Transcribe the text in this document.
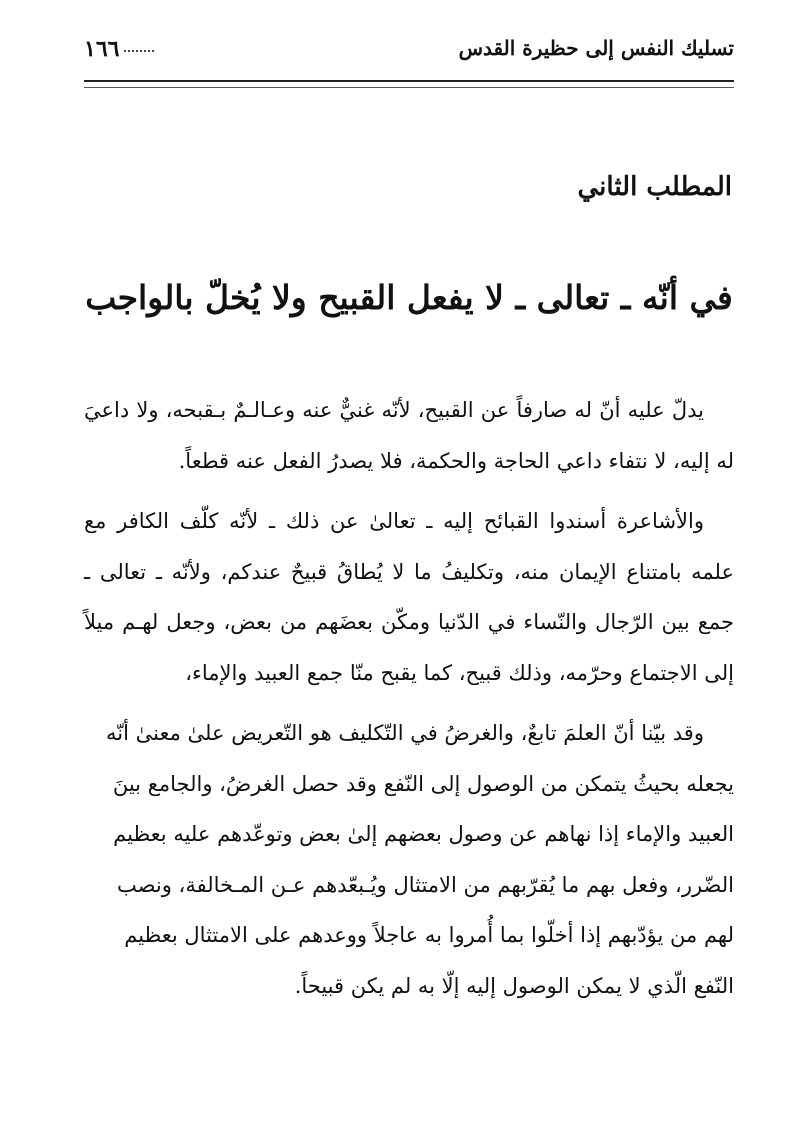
تسليك النفس إلى حظيرة القدس
١٦٦
المطلب الثاني
في أنّه ـ تعالى ـ لا يفعل القبيح ولا يُخلّ بالواجب

يدلّ عليه أنّ له صارفاً عن القبيح، لأنّه غنيٌّ عنه وعـالـمٌ بـقبحه، ولا داعيَ له إليه، لا نتفاء داعي الحاجة والحكمة، فلا يصدرُ الفعل عنه قطعاً.

والأشاعرة أسندوا القبائح إليه ـ تعالىٰ عن ذلك ـ لأنّه كلّف الكافر مع علمه بامتناع الإيمان منه، وتكليفُ ما لا يُطاقُ قبيحٌ عندكم، ولأنّه ـ تعالى ـ جمع بين الرّجال والنّساء في الدّنيا ومكّن بعضَهم من بعض، وجعل لهـم ميلاً إلى الاجتماع وحرّمه، وذلك قبيح، كما يقبح منّا جمع العبيد والإماء،

وقد بيّنا أنّ العلمَ تابعٌ، والغرضُ في التّكليف هو التّعريض علىٰ معنىٰ أنّه يجعله بحيثُ يتمكن من الوصول إلى النّفع وقد حصل الغرضُ، والجامع بينَ العبيد والإماء إذا نهاهم عن وصول بعضهم إلىٰ بعض وتوعّدهم عليه بعظيم الضّرر، وفعل بهم ما يُقرّبهم من الامتثال ويُـبعّدهم عـن المـخالفة، ونصب لهم من يؤدّبهم إذا أخلّوا بما أُمروا به عاجلاً ووعدهم على الامتثال بعظيم النّفع الّذي لا يمكن الوصول إليه إلّا به لم يكن قبيحاً.
